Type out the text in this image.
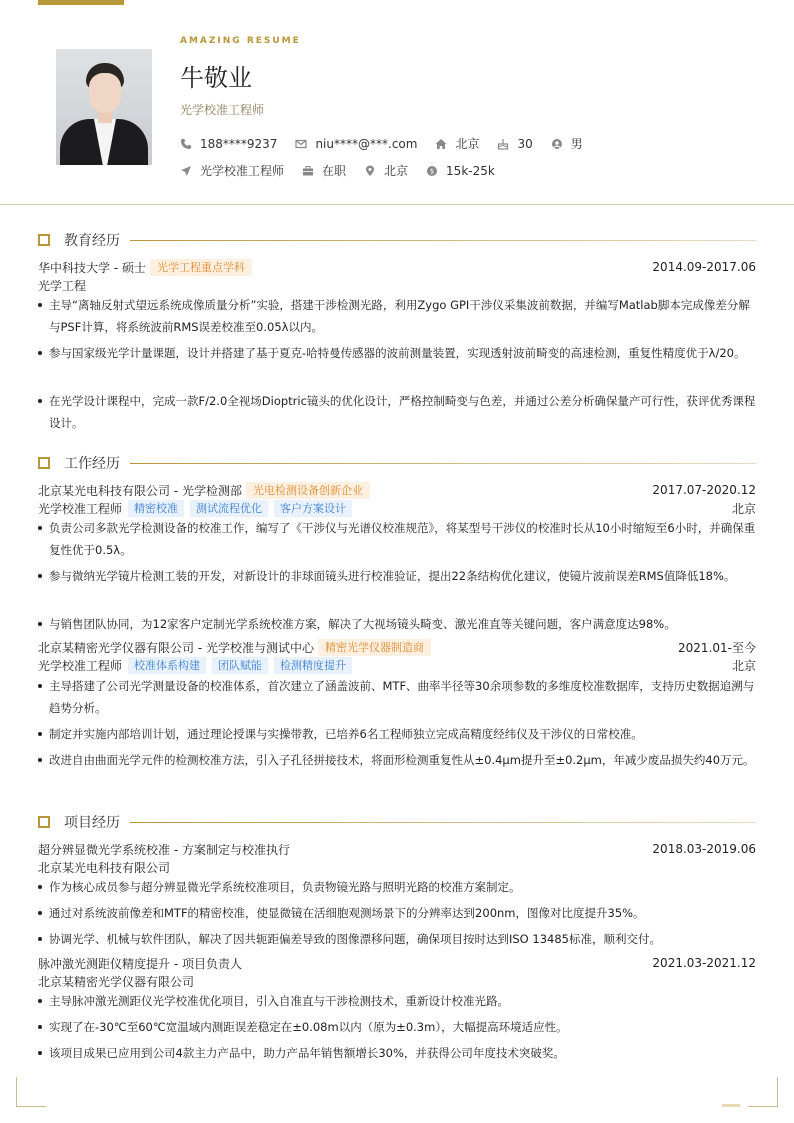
AMAZING RESUME
牛敬业
光学校准工程师
188****9237	niu****@***.com	北京	30	男
光学校准工程师	在职	北京	$ 15k-25k
教育经历
华中科技大学 - 硕士	光学工程重点学科	2014.09-2017.06
光学工程
主导“离轴反射式望远系统成像质量分析”实验，搭建干涉检测光路，利用Zygo GPI干涉仪采集波前数据，并编写Matlab脚本完成像差分解与PSF计算，将系统波前RMS误差校准至0.05λ以内。
参与国家级光学计量课题，设计并搭建了基于夏克-哈特曼传感器的波前测量装置，实现透射波前畸变的高速检测，重复性精度优于λ/20。
在光学设计课程中，完成一款F/2.0全视场Dioptric镜头的优化设计，严格控制畸变与色差，并通过公差分析确保量产可行性，获评优秀课程设计。
工作经历
北京某光电科技有限公司 - 光学检测部	光电检测设备创新企业	2017.07-2020.12
光学校准工程师	精密校准	测试流程优化	客户方案设计	北京
负责公司多款光学检测设备的校准工作，编写了《干涉仪与光谱仪校准规范》，将某型号干涉仪的校准时长从10小时缩短至6小时，并确保重复性优于0.5λ。
参与微纳光学镜片检测工装的开发，对新设计的非球面镜头进行校准验证，提出22条结构优化建议，使镜片波前误差RMS值降低18%。
与销售团队协同，为12家客户定制光学系统校准方案，解决了大视场镜头畸变、激光准直等关键问题，客户满意度达98%。
北京某精密光学仪器有限公司 - 光学校准与测试中心	精密光学仪器制造商	2021.01-至今
光学校准工程师	校准体系构建	团队赋能	检测精度提升	北京
主导搭建了公司光学测量设备的校准体系，首次建立了涵盖波前、MTF、曲率半径等30余项参数的多维度校准数据库，支持历史数据追溯与趋势分析。
制定并实施内部培训计划，通过理论授课与实操带教，已培养6名工程师独立完成高精度经纬仪及干涉仪的日常校准。
改进自由曲面光学元件的检测校准方法，引入子孔径拼接技术，将面形检测重复性从±0.4μm提升至±0.2μm，年减少废品损失约40万元。
项目经历
超分辨显微光学系统校准 - 方案制定与校准执行	2018.03-2019.06
北京某光电科技有限公司
作为核心成员参与超分辨显微光学系统校准项目，负责物镜光路与照明光路的校准方案制定。
通过对系统波前像差和MTF的精密校准，使显微镜在活细胞观测场景下的分辨率达到200nm，图像对比度提升35%。
协调光学、机械与软件团队，解决了因共轭距偏差导致的图像漂移问题，确保项目按时达到ISO 13485标准，顺利交付。
脉冲激光测距仪精度提升 - 项目负责人	2021.03-2021.12
北京某精密光学仪器有限公司
主导脉冲激光测距仪光学校准优化项目，引入自准直与干涉检测技术，重新设计校准光路。
实现了在-30℃至60℃宽温域内测距误差稳定在±0.08m以内（原为±0.3m），大幅提高环境适应性。
该项目成果已应用到公司4款主力产品中，助力产品年销售额增长30%，并获得公司年度技术突破奖。
